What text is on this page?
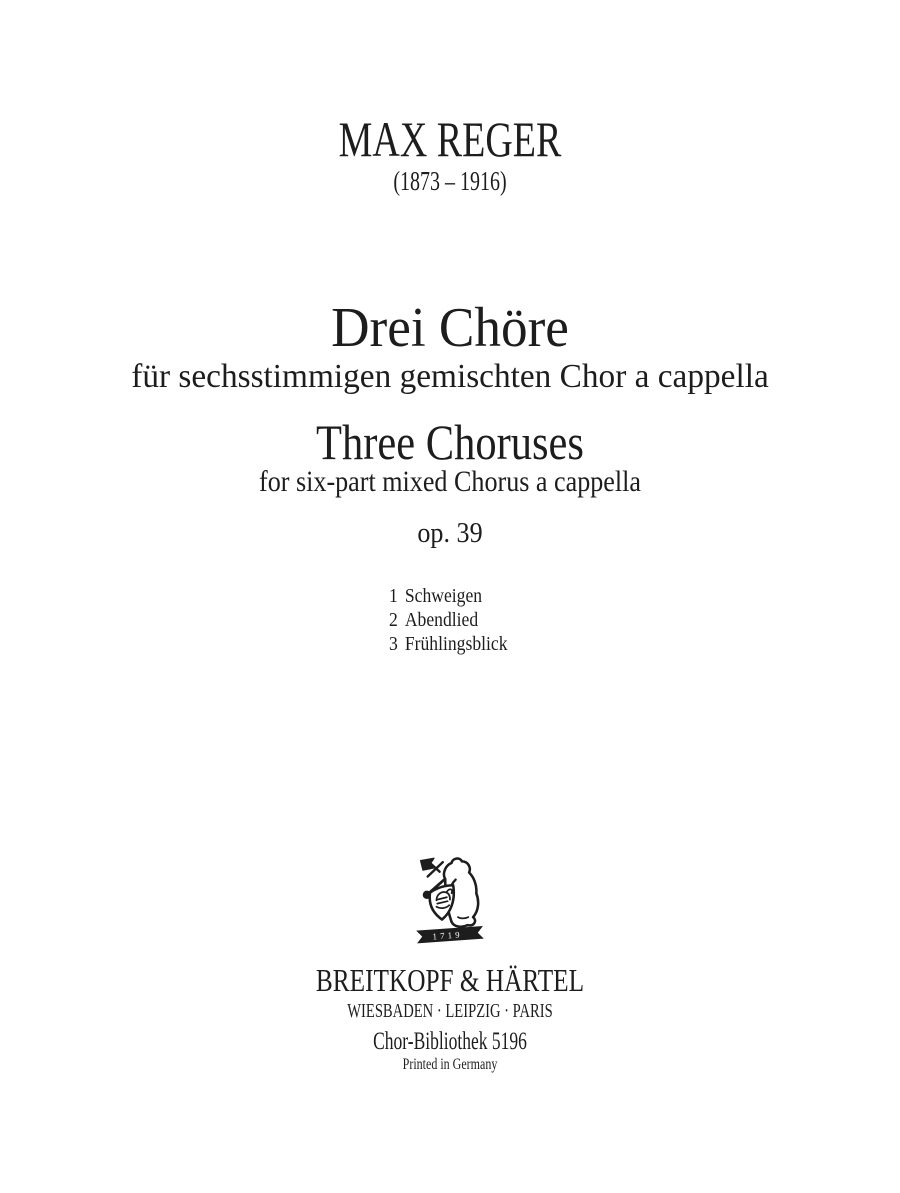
MAX REGER
(1873 – 1916)
Drei Chöre
für sechsstimmigen gemischten Chor a cappella
Three Choruses
for six-part mixed Chorus a cappella
op. 39
1 Schweigen
2 Abendlied
3 Frühlingsblick
1719
BREITKOPF & HÄRTEL
WIESBADEN · LEIPZIG · PARIS
Chor-Bibliothek 5196
Printed in Germany
